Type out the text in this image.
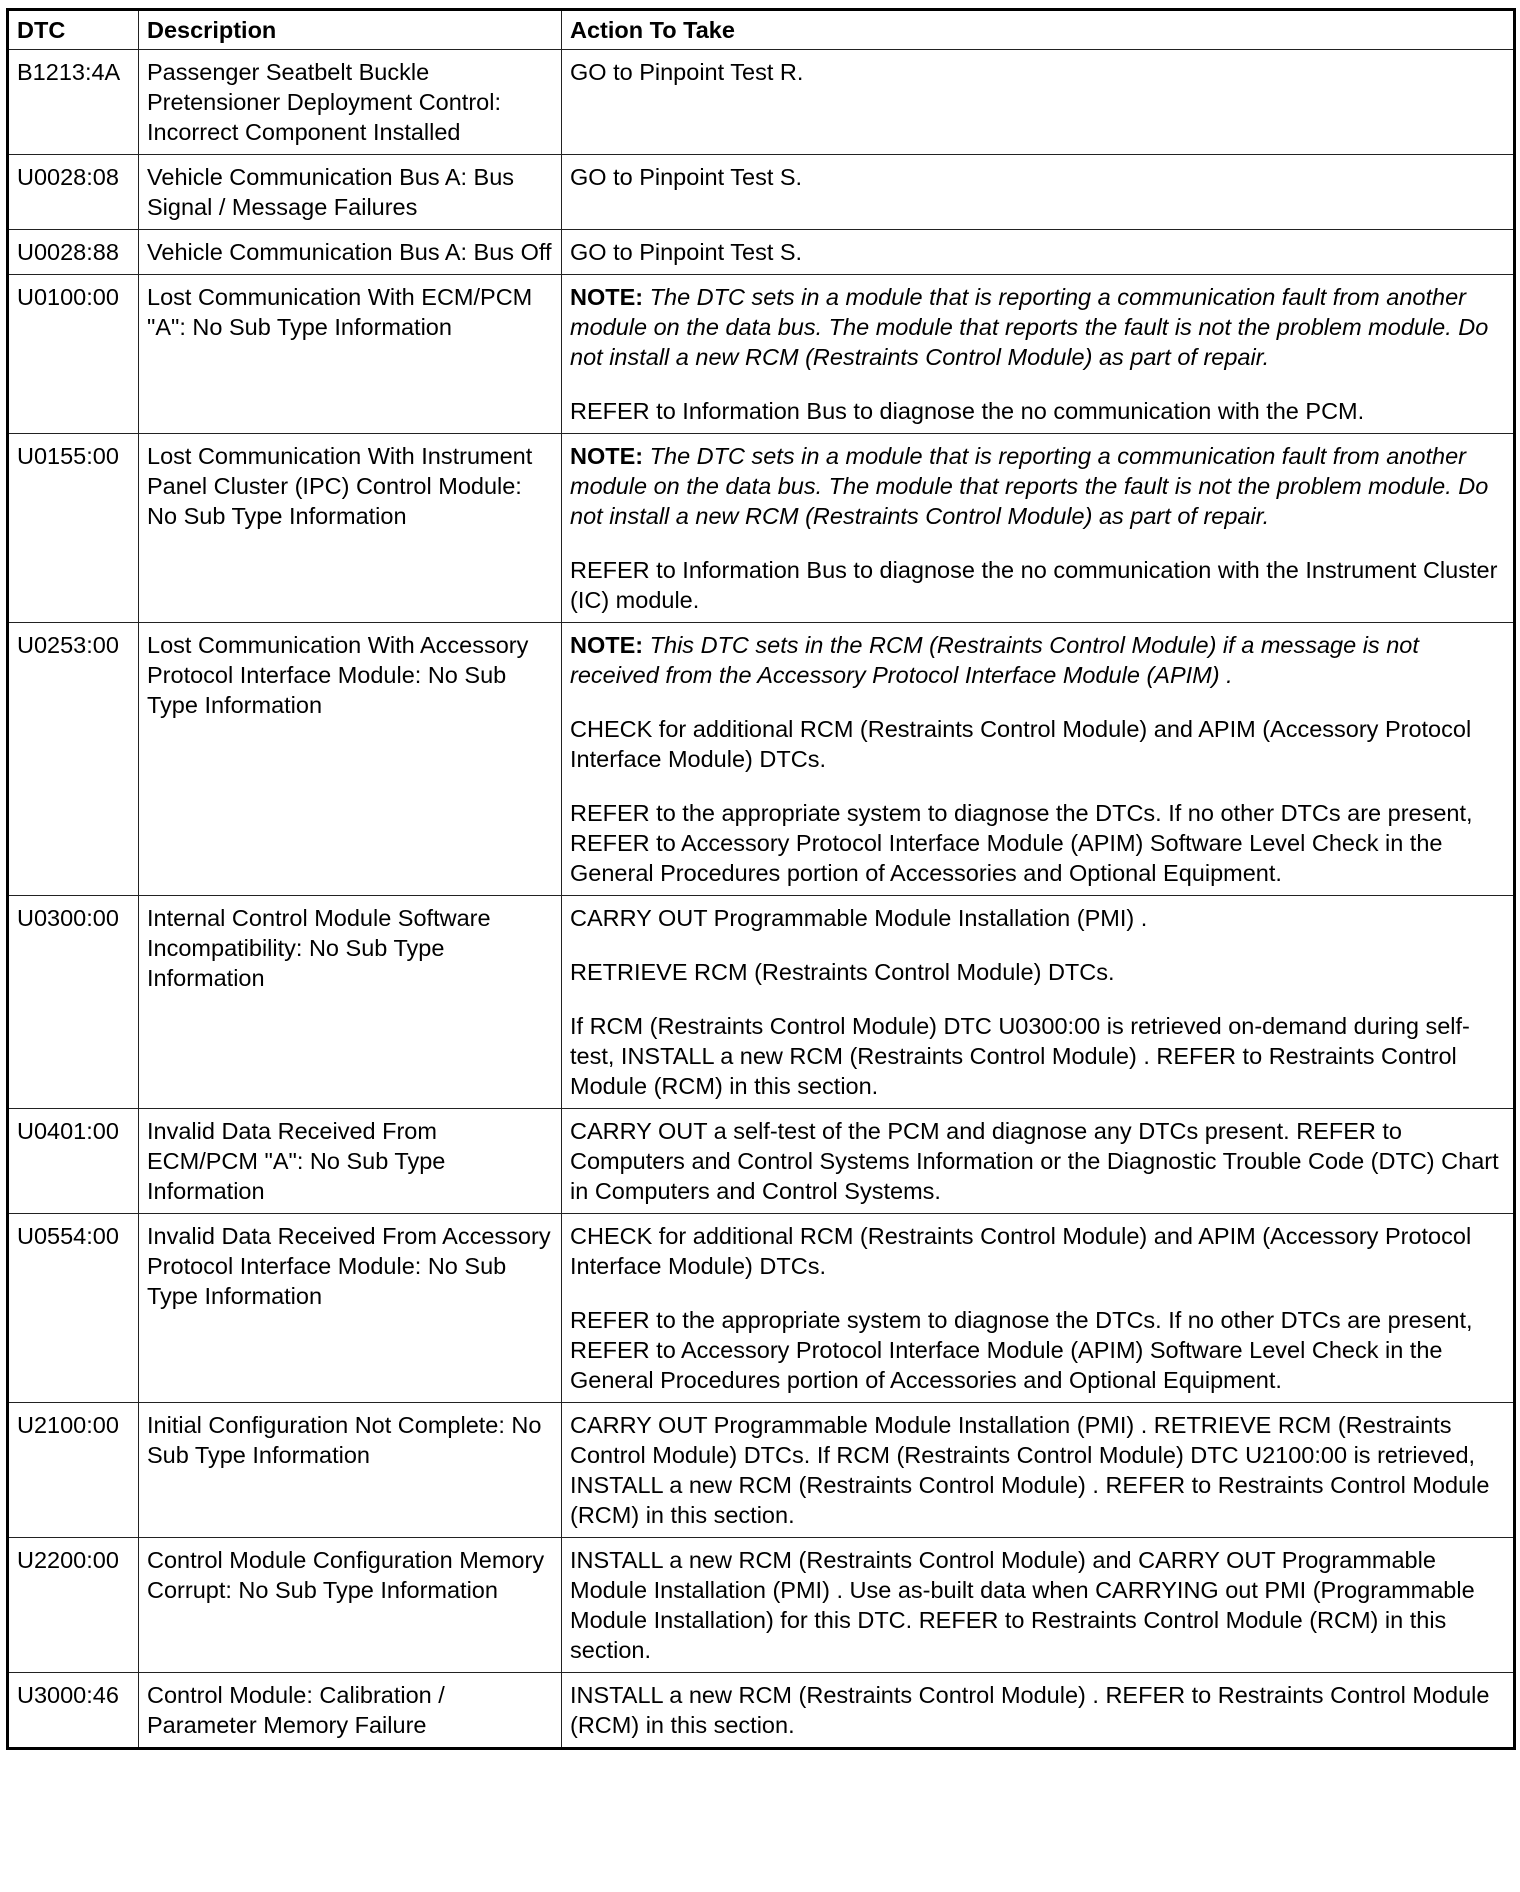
DTC	Description	Action To Take
B1213:4A	Passenger Seatbelt Buckle Pretensioner Deployment Control: Incorrect Component Installed	GO to Pinpoint Test R.

U0028:08	Vehicle Communication Bus A: Bus Signal / Message Failures	GO to Pinpoint Test S.

U0028:88	Vehicle Communication Bus A: Bus Off	GO to Pinpoint Test S.

U0100:00	Lost Communication With ECM/PCM "A": No Sub Type Information	NOTE: The DTC sets in a module that is reporting a communication fault from another module on the data bus. The module that reports the fault is not the problem module. Do not install a new RCM (Restraints Control Module) as part of repair.

REFER to Information Bus to diagnose the no communication with the PCM.

U0155:00	Lost Communication With Instrument Panel Cluster (IPC) Control Module: No Sub Type Information	NOTE: The DTC sets in a module that is reporting a communication fault from another module on the data bus. The module that reports the fault is not the problem module. Do not install a new RCM (Restraints Control Module) as part of repair.

REFER to Information Bus to diagnose the no communication with the Instrument Cluster (IC) module.

U0253:00	Lost Communication With Accessory Protocol Interface Module: No Sub Type Information	NOTE: This DTC sets in the RCM (Restraints Control Module) if a message is not received from the Accessory Protocol Interface Module (APIM) .

CHECK for additional RCM (Restraints Control Module) and APIM (Accessory Protocol Interface Module) DTCs.

REFER to the appropriate system to diagnose the DTCs. If no other DTCs are present, REFER to Accessory Protocol Interface Module (APIM) Software Level Check in the General Procedures portion of Accessories and Optional Equipment.

U0300:00	Internal Control Module Software Incompatibility: No Sub Type Information	CARRY OUT Programmable Module Installation (PMI) .

RETRIEVE RCM (Restraints Control Module) DTCs.

If RCM (Restraints Control Module) DTC U0300:00 is retrieved on-demand during self-test, INSTALL a new RCM (Restraints Control Module) . REFER to Restraints Control Module (RCM) in this section.

U0401:00	Invalid Data Received From ECM/PCM "A": No Sub Type Information	CARRY OUT a self-test of the PCM and diagnose any DTCs present. REFER to Computers and Control Systems Information or the Diagnostic Trouble Code (DTC) Chart in Computers and Control Systems.

U0554:00	Invalid Data Received From Accessory Protocol Interface Module: No Sub Type Information	CHECK for additional RCM (Restraints Control Module) and APIM (Accessory Protocol Interface Module) DTCs.

REFER to the appropriate system to diagnose the DTCs. If no other DTCs are present, REFER to Accessory Protocol Interface Module (APIM) Software Level Check in the General Procedures portion of Accessories and Optional Equipment.

U2100:00	Initial Configuration Not Complete: No Sub Type Information	CARRY OUT Programmable Module Installation (PMI) . RETRIEVE RCM (Restraints Control Module) DTCs. If RCM (Restraints Control Module) DTC U2100:00 is retrieved, INSTALL a new RCM (Restraints Control Module) . REFER to Restraints Control Module (RCM) in this section.

U2200:00	Control Module Configuration Memory Corrupt: No Sub Type Information	INSTALL a new RCM (Restraints Control Module) and CARRY OUT Programmable Module Installation (PMI) . Use as-built data when CARRYING out PMI (Programmable Module Installation) for this DTC. REFER to Restraints Control Module (RCM) in this section.

U3000:46	Control Module: Calibration / Parameter Memory Failure	INSTALL a new RCM (Restraints Control Module) . REFER to Restraints Control Module (RCM) in this section.
